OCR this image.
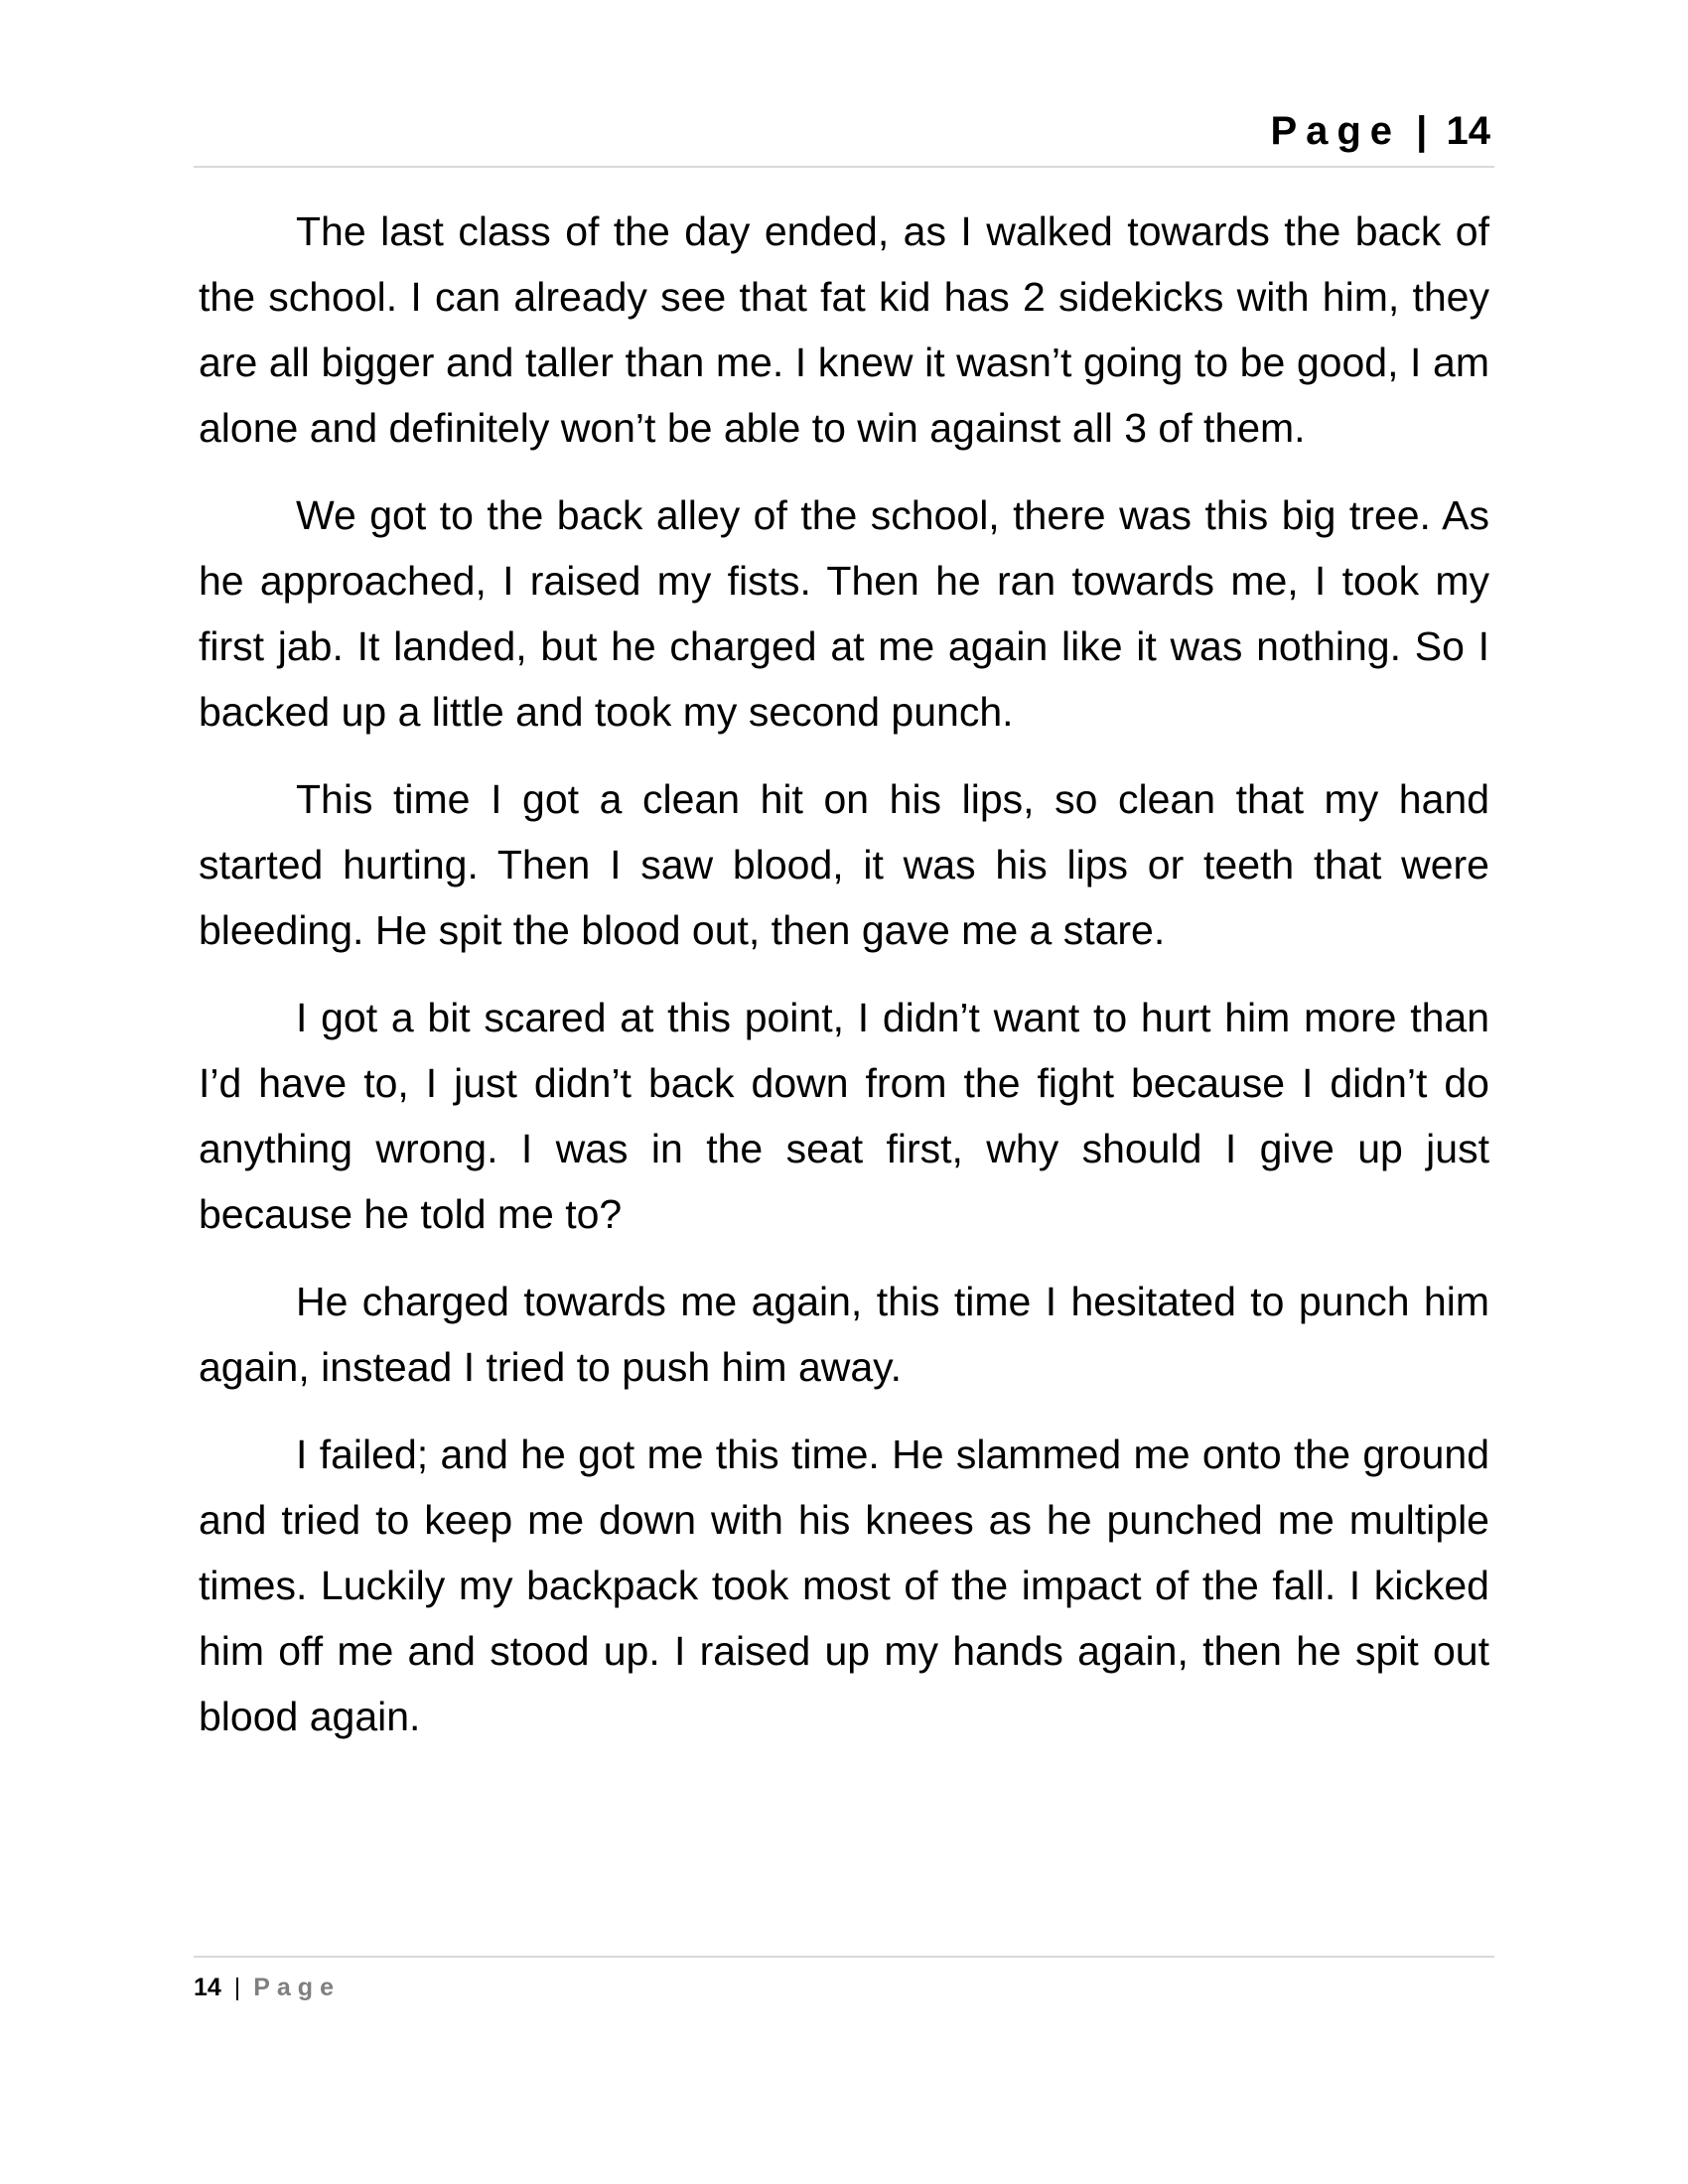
Page | 14

The last class of the day ended, as I walked towards the back of the school. I can already see that fat kid has 2 sidekicks with him, they are all bigger and taller than me. I knew it wasn’t going to be good, I am alone and definitely won’t be able to win against all 3 of them.

We got to the back alley of the school, there was this big tree. As he approached, I raised my fists. Then he ran towards me, I took my first jab. It landed, but he charged at me again like it was nothing. So I backed up a little and took my second punch.

This time I got a clean hit on his lips, so clean that my hand started hurting. Then I saw blood, it was his lips or teeth that were bleeding. He spit the blood out, then gave me a stare.

I got a bit scared at this point, I didn’t want to hurt him more than I’d have to, I just didn’t back down from the fight because I didn’t do anything wrong. I was in the seat first, why should I give up just because he told me to?

He charged towards me again, this time I hesitated to punch him again, instead I tried to push him away.

I failed; and he got me this time. He slammed me onto the ground and tried to keep me down with his knees as he punched me multiple times. Luckily my backpack took most of the impact of the fall. I kicked him off me and stood up. I raised up my hands again, then he spit out blood again.

14 | Page
